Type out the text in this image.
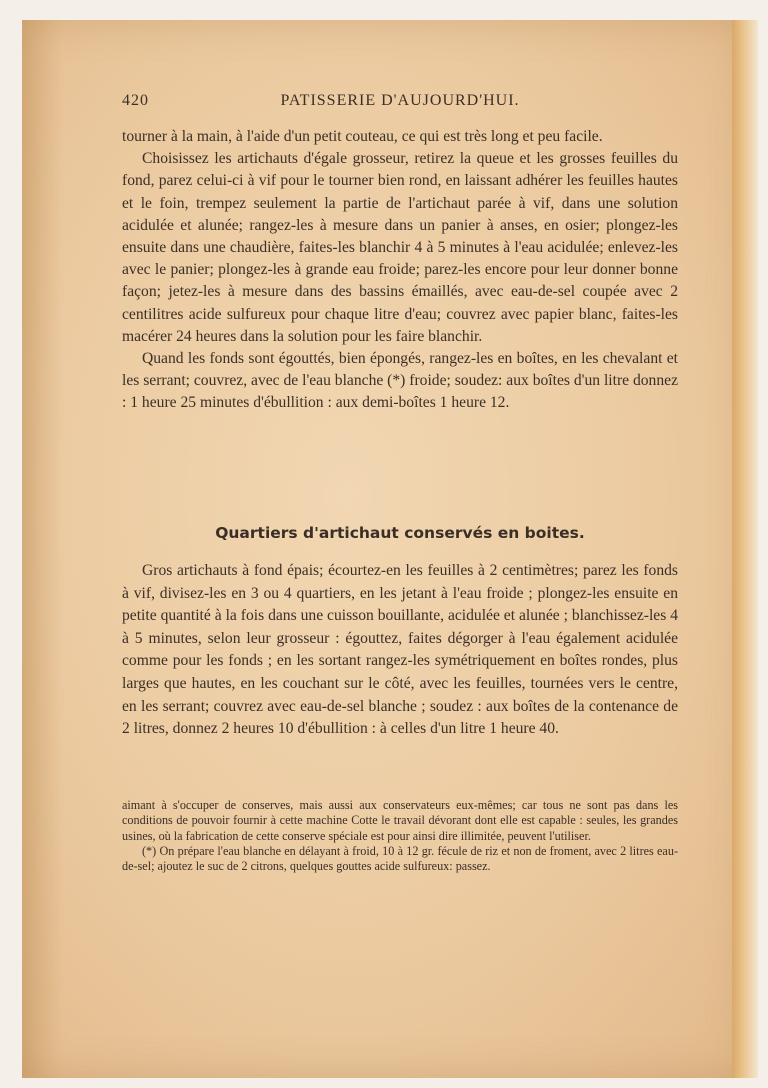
PATISSERIE D'AUJOURD'HUI.
420

tourner à la main, à l'aide d'un petit couteau, ce qui est très long et peu facile.

Choisissez les artichauts d'égale grosseur, retirez la queue et les grosses feuilles du fond, parez celui-ci à vif pour le tourner bien rond, en laissant adhérer les feuilles hautes et le foin, trempez seulement la partie de l'artichaut parée à vif, dans une solution acidulée et alunée; rangez-les à mesure dans un panier à anses, en osier; plongez-les ensuite dans une chaudière, faites-les blanchir 4 à 5 minutes à l'eau acidulée; enlevez-les avec le panier; plongez-les à grande eau froide; parez-les encore pour leur donner bonne façon; jetez-les à mesure dans des bassins émaillés, avec eau-de-sel coupée avec 2 centilitres acide sulfureux pour chaque litre d'eau; couvrez avec papier blanc, faites-les macérer 24 heures dans la solution pour les faire blanchir.

Quand les fonds sont égouttés, bien épongés, rangez-les en boîtes, en les chevalant et les serrant; couvrez, avec de l'eau blanche (*) froide; soudez: aux boîtes d'un litre donnez : 1 heure 25 minutes d'ébullition : aux demi-boîtes 1 heure 12.

Quartiers d'artichaut conservés en boites.

Gros artichauts à fond épais; écourtez-en les feuilles à 2 centimètres; parez les fonds à vif, divisez-les en 3 ou 4 quartiers, en les jetant à l'eau froide ; plongez-les ensuite en petite quantité à la fois dans une cuisson bouillante, acidulée et alunée ; blanchissez-les 4 à 5 minutes, selon leur grosseur : égouttez, faites dégorger à l'eau également acidulée comme pour les fonds ; en les sortant rangez-les symétriquement en boîtes rondes, plus larges que hautes, en les couchant sur le côté, avec les feuilles, tournées vers le centre, en les serrant; couvrez avec eau-de-sel blanche ; soudez : aux boîtes de la contenance de 2 litres, donnez 2 heures 10 d'ébullition : à celles d'un litre 1 heure 40.

aimant à s'occuper de conserves, mais aussi aux conservateurs eux-mêmes; car tous ne sont pas dans les conditions de pouvoir fournir à cette machine Cotte le travail dévorant dont elle est capable : seules, les grandes usines, où la fabrication de cette conserve spéciale est pour ainsi dire illimitée, peuvent l'utiliser.

(*) On prépare l'eau blanche en délayant à froid, 10 à 12 gr. fécule de riz et non de froment, avec 2 litres eau-de-sel; ajoutez le suc de 2 citrons, quelques gouttes acide sulfureux: passez.
